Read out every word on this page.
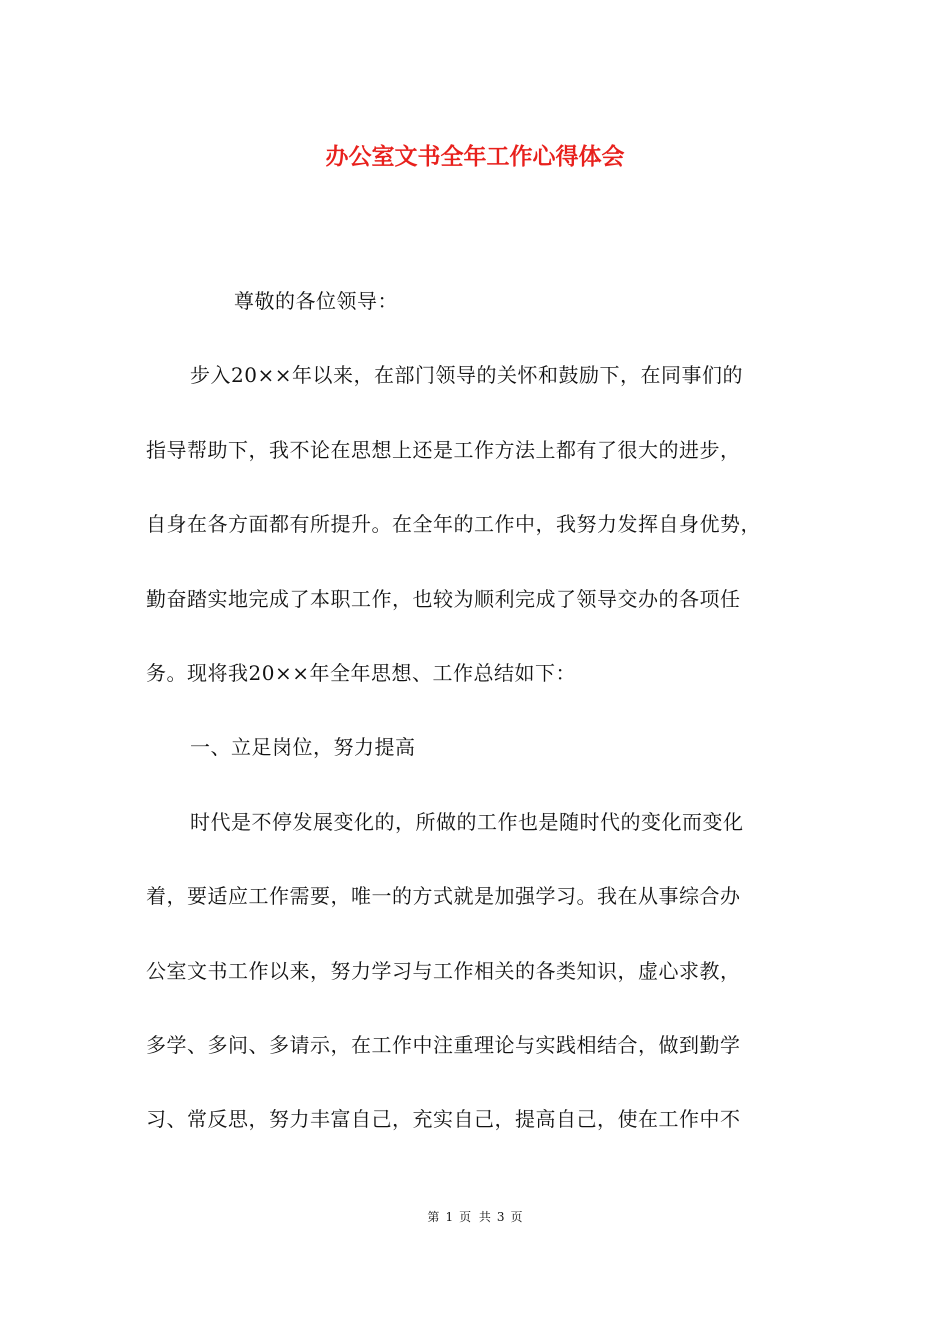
办公室文书全年工作心得体会
尊敬的各位领导：
步入20××年以来，在部门领导的关怀和鼓励下，在同事们的
指导帮助下，我不论在思想上还是工作方法上都有了很大的进步，
自身在各方面都有所提升。在全年的工作中，我努力发挥自身优势，
勤奋踏实地完成了本职工作，也较为顺利完成了领导交办的各项任
务。现将我20××年全年思想、工作总结如下：
一、立足岗位，努力提高
时代是不停发展变化的，所做的工作也是随时代的变化而变化
着，要适应工作需要，唯一的方式就是加强学习。我在从事综合办
公室文书工作以来，努力学习与工作相关的各类知识，虚心求教，
多学、多问、多请示，在工作中注重理论与实践相结合，做到勤学
习、常反思，努力丰富自己，充实自己，提高自己，使在工作中不
第 1 页 共 3 页
